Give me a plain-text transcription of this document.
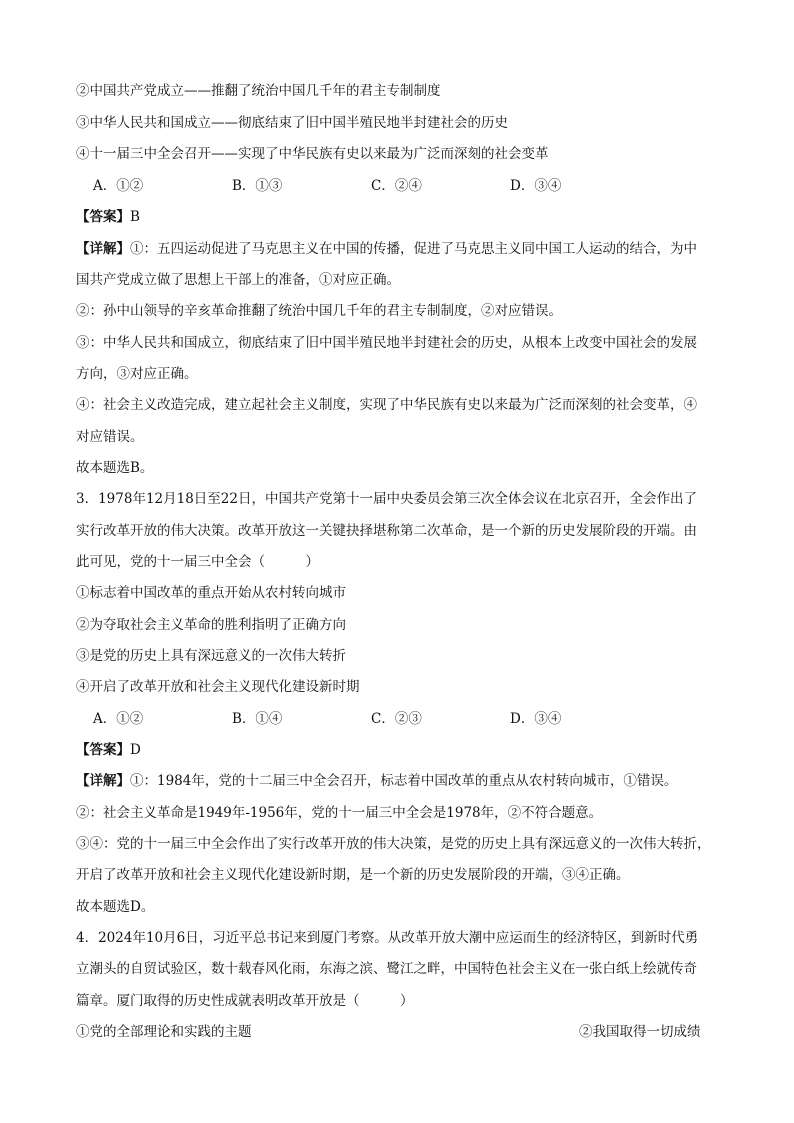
②中国共产党成立——推翻了统治中国几千年的君主专制制度
③中华人民共和国成立——彻底结束了旧中国半殖民地半封建社会的历史
④十一届三中全会召开——实现了中华民族有史以来最为广泛而深刻的社会变革
A．①②	B．①③	C．②④	D．③④
【答案】B
【详解】①：五四运动促进了马克思主义在中国的传播，促进了马克思主义同中国工人运动的结合，为中
国共产党成立做了思想上干部上的准备，①对应正确。
②：孙中山领导的辛亥革命推翻了统治中国几千年的君主专制制度，②对应错误。
③：中华人民共和国成立，彻底结束了旧中国半殖民地半封建社会的历史，从根本上改变中国社会的发展
方向，③对应正确。
④：社会主义改造完成，建立起社会主义制度，实现了中华民族有史以来最为广泛而深刻的社会变革，④
对应错误。
故本题选B。
3．1978年12月18日至22日，中国共产党第十一届中央委员会第三次全体会议在北京召开，全会作出了
实行改革开放的伟大决策。改革开放这一关键抉择堪称第二次革命，是一个新的历史发展阶段的开端。由
此可见，党的十一届三中全会（　　　）
①标志着中国改革的重点开始从农村转向城市
②为夺取社会主义革命的胜利指明了正确方向
③是党的历史上具有深远意义的一次伟大转折
④开启了改革开放和社会主义现代化建设新时期
A．①②	B．①④	C．②③	D．③④
【答案】D
【详解】①：1984年，党的十二届三中全会召开，标志着中国改革的重点从农村转向城市，①错误。
②：社会主义革命是1949年-1956年，党的十一届三中全会是1978年，②不符合题意。
③④：党的十一届三中全会作出了实行改革开放的伟大决策，是党的历史上具有深远意义的一次伟大转折，
开启了改革开放和社会主义现代化建设新时期，是一个新的历史发展阶段的开端，③④正确。
故本题选D。
4．2024年10月6日，习近平总书记来到厦门考察。从改革开放大潮中应运而生的经济特区，到新时代勇
立潮头的自贸试验区，数十载春风化雨，东海之滨、鹭江之畔，中国特色社会主义在一张白纸上绘就传奇
篇章。厦门取得的历史性成就表明改革开放是（　　　）
①党的全部理论和实践的主题	②我国取得一切成绩
